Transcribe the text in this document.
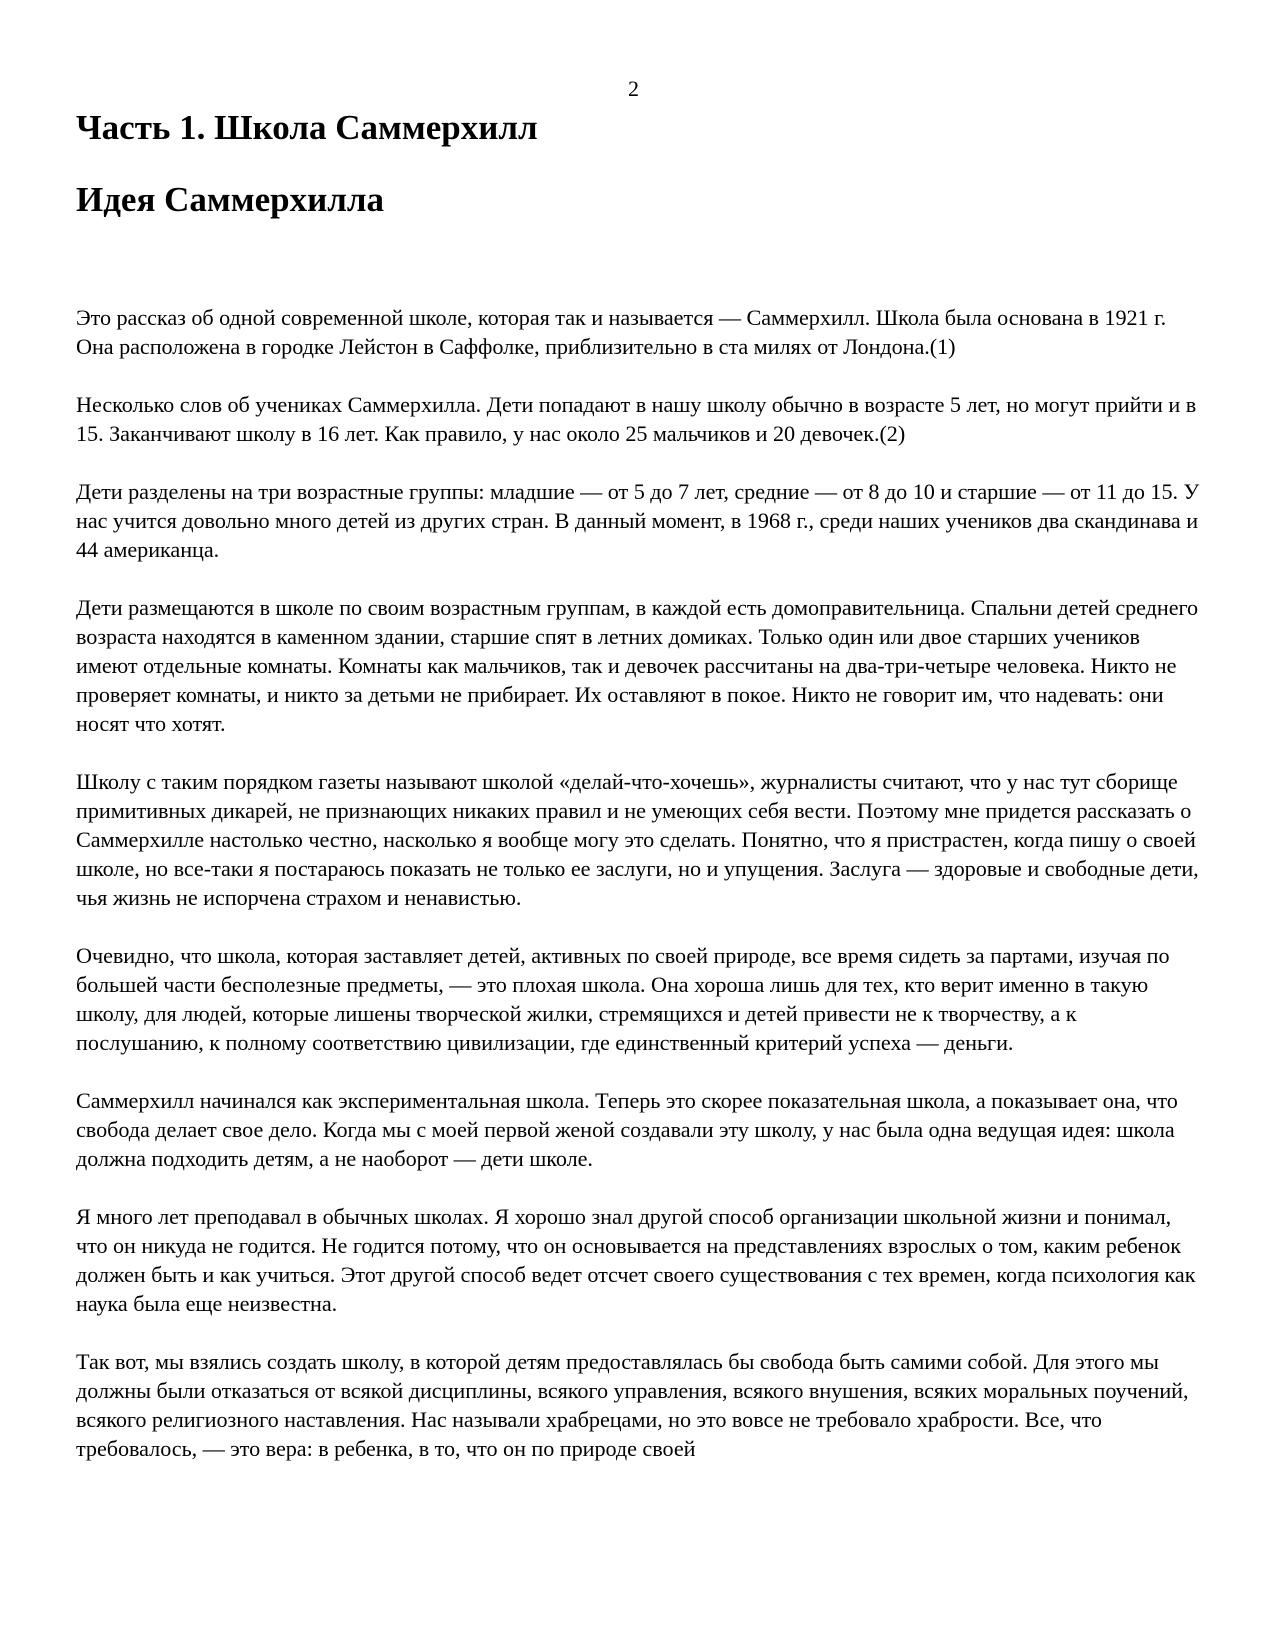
2
Часть 1. Школа Саммерхилл
Идея Саммерхилла

Это рассказ об одной современной школе, которая так и называется — Саммерхилл. Школа была основана в 1921 г. Она расположена в городке Лейстон в Саффолке, приблизительно в ста милях от Лондона.(1)

Несколько слов об учениках Саммерхилла. Дети попадают в нашу школу обычно в возрасте 5 лет, но могут прийти и в 15. Заканчивают школу в 16 лет. Как правило, у нас около 25 мальчиков и 20 девочек.(2)

Дети разделены на три возрастные группы: младшие — от 5 до 7 лет, средние — от 8 до 10 и старшие — от 11 до 15. У нас учится довольно много детей из других стран. В данный момент, в 1968 г., среди наших учеников два скандинава и 44 американца.

Дети размещаются в школе по своим возрастным группам, в каждой есть домоправительница. Спальни детей среднего возраста находятся в каменном здании, старшие спят в летних домиках. Только один или двое старших учеников имеют отдельные комнаты. Комнаты как мальчиков, так и девочек рассчитаны на два-три-четыре человека. Никто не проверяет комнаты, и никто за детьми не прибирает. Их оставляют в покое. Никто не говорит им, что надевать: они носят что хотят.

Школу с таким порядком газеты называют школой «делай-что-хочешь», журналисты считают, что у нас тут сборище примитивных дикарей, не признающих никаких правил и не умеющих себя вести. Поэтому мне придется рассказать о Саммерхилле настолько честно, насколько я вообще могу это сделать. Понятно, что я пристрастен, когда пишу о своей школе, но все-таки я постараюсь показать не только ее заслуги, но и упущения. Заслуга — здоровые и свободные дети, чья жизнь не испорчена страхом и ненавистью.

Очевидно, что школа, которая заставляет детей, активных по своей природе, все время сидеть за партами, изучая по большей части бесполезные предметы, — это плохая школа. Она хороша лишь для тех, кто верит именно в такую школу, для людей, которые лишены творческой жилки, стремящихся и детей привести не к творчеству, а к послушанию, к полному соответствию цивилизации, где единственный критерий успеха — деньги.

Саммерхилл начинался как экспериментальная школа. Теперь это скорее показательная школа, а показывает она, что свобода делает свое дело. Когда мы с моей первой женой создавали эту школу, у нас была одна ведущая идея: школа должна подходить детям, а не наоборот — дети школе.

Я много лет преподавал в обычных школах. Я хорошо знал другой способ организации школьной жизни и понимал, что он никуда не годится. Не годится потому, что он основывается на представлениях взрослых о том, каким ребенок должен быть и как учиться. Этот другой способ ведет отсчет своего существования с тех времен, когда психология как наука была еще неизвестна.

Так вот, мы взялись создать школу, в которой детям предоставлялась бы свобода быть самими собой. Для этого мы должны были отказаться от всякой дисциплины, всякого управления, всякого внушения, всяких моральных поучений, всякого религиозного наставления. Нас называли храбрецами, но это вовсе не требовало храбрости. Все, что требовалось, — это вера: в ребенка, в то, что он по природе своей
